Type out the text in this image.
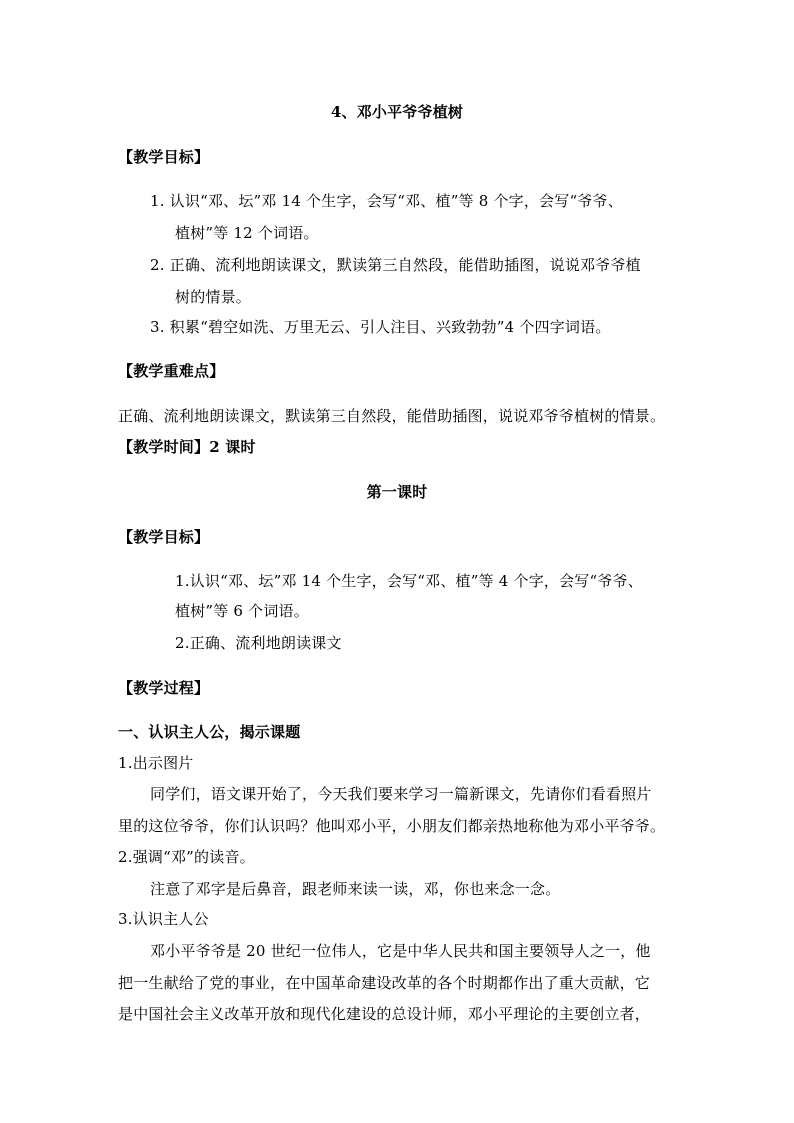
4、邓小平爷爷植树
【教学目标】
1. 认识“邓、坛”邓 14 个生字，会写“邓、植”等 8 个字，会写“爷爷、
植树”等 12 个词语。
2. 正确、流利地朗读课文，默读第三自然段，能借助插图，说说邓爷爷植
树的情景。
3. 积累“碧空如洗、万里无云、引人注目、兴致勃勃”4 个四字词语。
【教学重难点】
正确、流利地朗读课文，默读第三自然段，能借助插图，说说邓爷爷植树的情景。
【教学时间】2 课时
第一课时
【教学目标】
1.认识“邓、坛”邓 14 个生字，会写“邓、植”等 4 个字，会写“爷爷、
植树”等 6 个词语。
2.正确、流利地朗读课文
【教学过程】
一、认识主人公，揭示课题
1.出示图片
同学们，语文课开始了，今天我们要来学习一篇新课文，先请你们看看照片
里的这位爷爷，你们认识吗？他叫邓小平，小朋友们都亲热地称他为邓小平爷爷。
2.强调“邓”的读音。
注意了邓字是后鼻音，跟老师来读一读，邓，你也来念一念。
3.认识主人公
邓小平爷爷是 20 世纪一位伟人，它是中华人民共和国主要领导人之一，他
把一生献给了党的事业，在中国革命建设改革的各个时期都作出了重大贡献，它
是中国社会主义改革开放和现代化建设的总设计师，邓小平理论的主要创立者，
